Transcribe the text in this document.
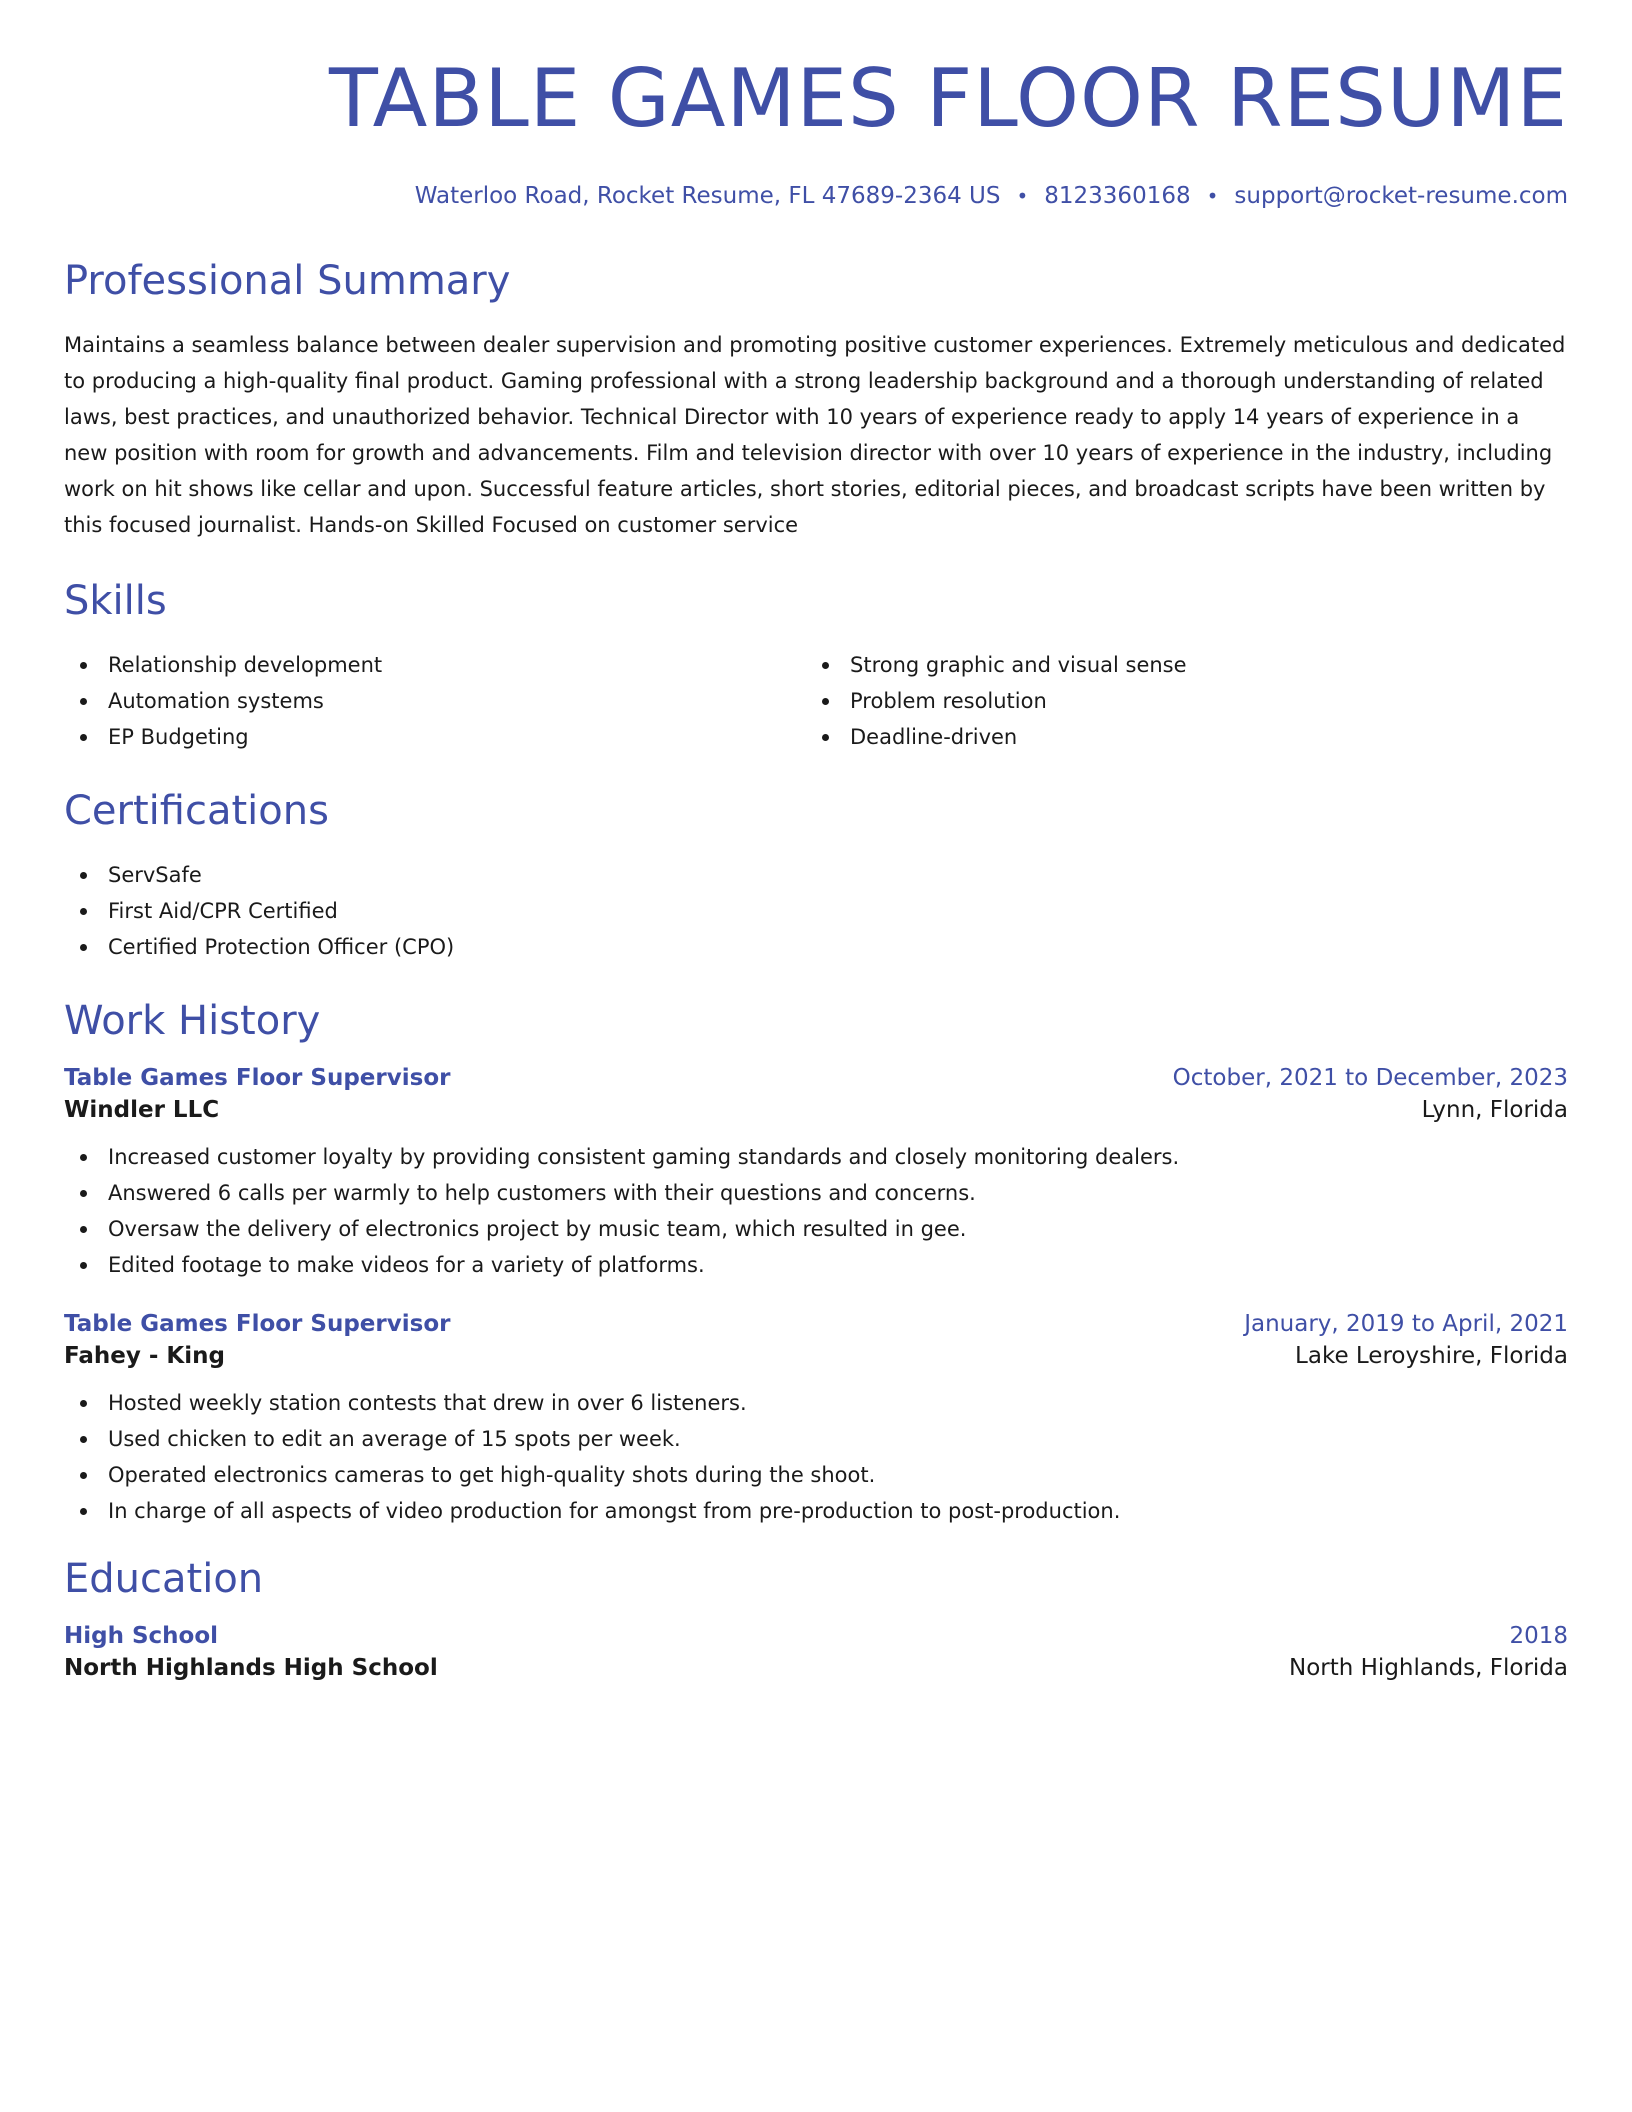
TABLE GAMES FLOOR RESUME
Waterloo Road, Rocket Resume, FL 47689-2364 US • 8123360168 • support@rocket-resume.com
Professional Summary
Maintains a seamless balance between dealer supervision and promoting positive customer experiences. Extremely meticulous and dedicated to producing a high-quality final product. Gaming professional with a strong leadership background and a thorough understanding of related laws, best practices, and unauthorized behavior. Technical Director with 10 years of experience ready to apply 14 years of experience in a new position with room for growth and advancements. Film and television director with over 10 years of experience in the industry, including work on hit shows like cellar and upon. Successful feature articles, short stories, editorial pieces, and broadcast scripts have been written by this focused journalist. Hands-on Skilled Focused on customer service
Skills
Relationship development
Automation systems
EP Budgeting
Strong graphic and visual sense
Problem resolution
Deadline-driven
Certifications
ServSafe
First Aid/CPR Certified
Certified Protection Officer (CPO)
Work History
Table Games Floor Supervisor	October, 2021 to December, 2023
Windler LLC	Lynn, Florida
Increased customer loyalty by providing consistent gaming standards and closely monitoring dealers.
Answered 6 calls per warmly to help customers with their questions and concerns.
Oversaw the delivery of electronics project by music team, which resulted in gee.
Edited footage to make videos for a variety of platforms.
Table Games Floor Supervisor	January, 2019 to April, 2021
Fahey - King	Lake Leroyshire, Florida
Hosted weekly station contests that drew in over 6 listeners.
Used chicken to edit an average of 15 spots per week.
Operated electronics cameras to get high-quality shots during the shoot.
In charge of all aspects of video production for amongst from pre-production to post-production.
Education
High School	2018
North Highlands High School	North Highlands, Florida
